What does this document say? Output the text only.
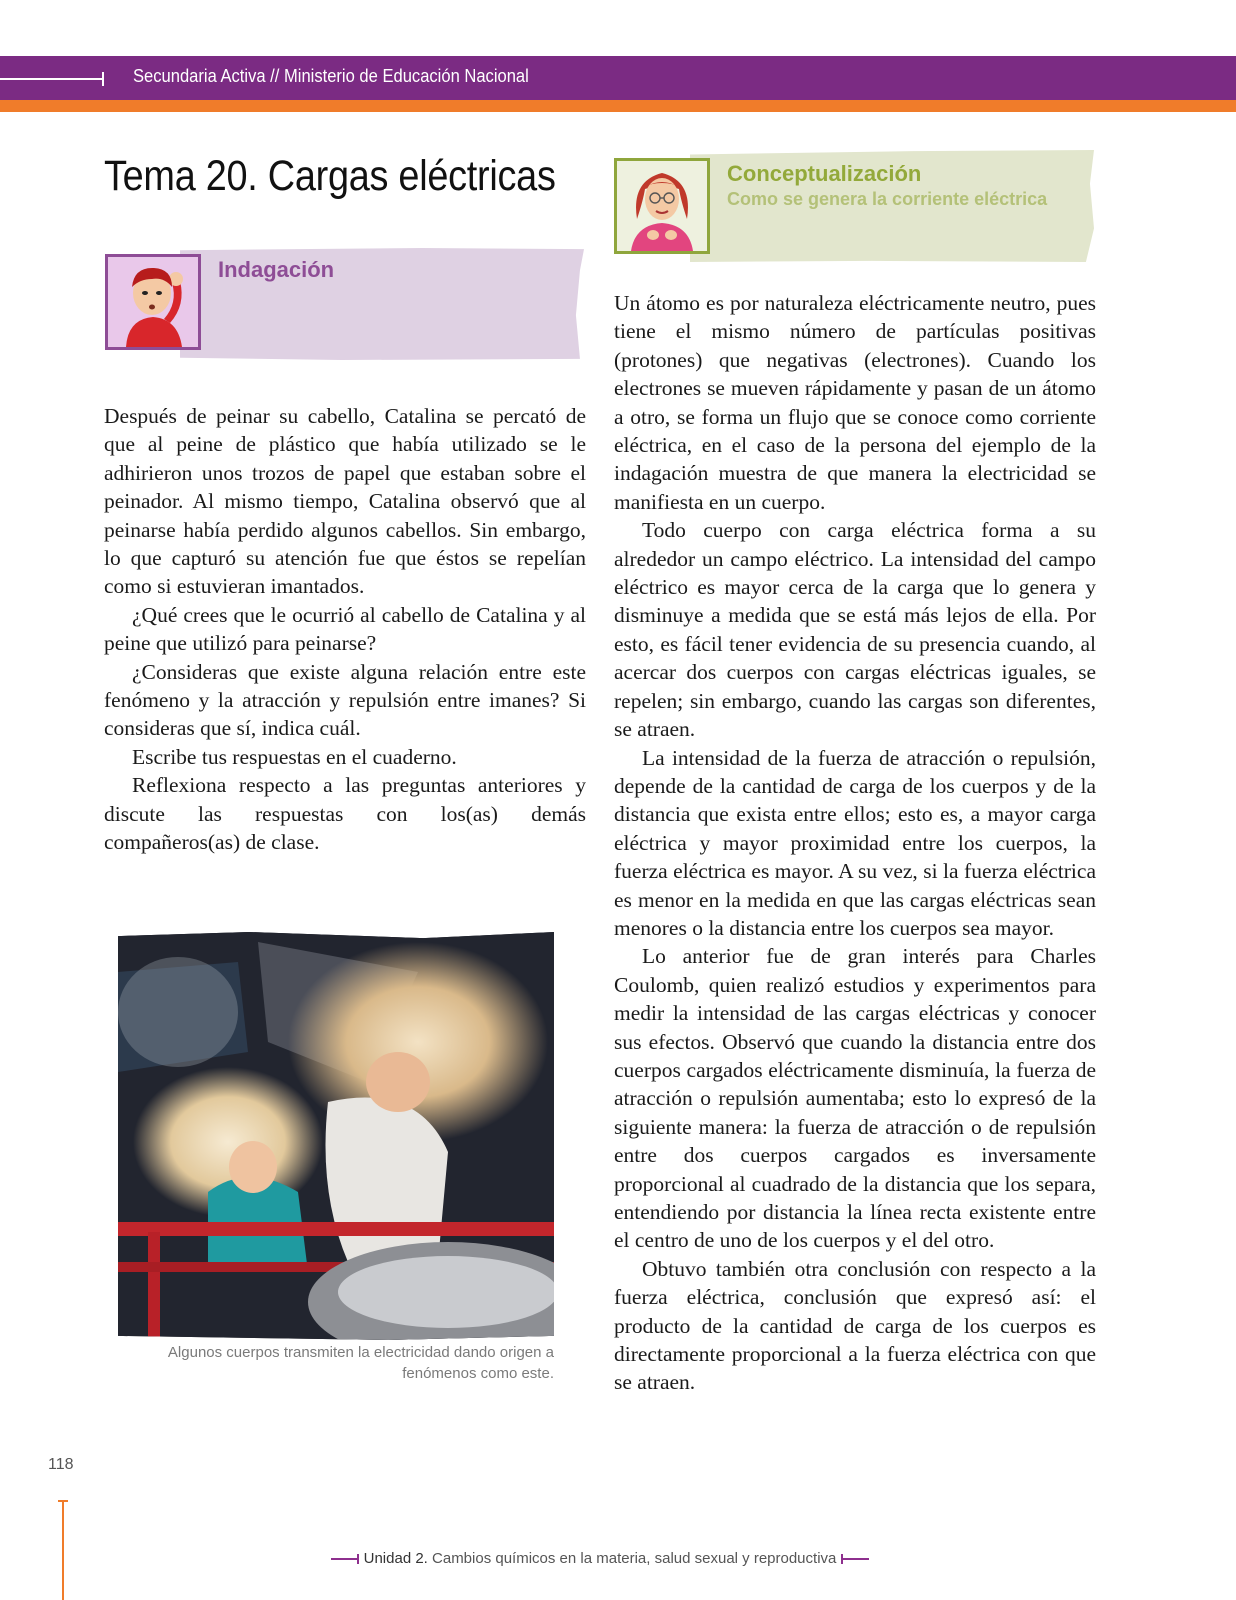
Secundaria Activa // Ministerio de Educación Nacional
Tema 20. Cargas eléctricas
Indagación
Conceptualización
Como se genera la corriente eléctrica

Después de peinar su cabello, Catalina se percató de que al peine de plástico que había utilizado se le adhirieron unos trozos de papel que estaban sobre el peinador. Al mismo tiempo, Catalina observó que al peinarse había perdido algunos cabellos. Sin embargo, lo que capturó su atención fue que éstos se repelían como si estuvieran imantados.

¿Qué crees que le ocurrió al cabello de Catalina y al peine que utilizó para peinarse?

¿Consideras que existe alguna relación entre este fenómeno y la atracción y repulsión entre imanes? Si consideras que sí, indica cuál.

Escribe tus respuestas en el cuaderno.

Reflexiona respecto a las preguntas anteriores y discute las respuestas con los(as) demás compañeros(as) de clase.

Algunos cuerpos transmiten la electricidad dando origen a fenómenos como este.

Un átomo es por naturaleza eléctricamente neutro, pues tiene el mismo número de partículas positivas (protones) que negativas (electrones). Cuando los electrones se mueven rápidamente y pasan de un átomo a otro, se forma un flujo que se conoce como corriente eléctrica, en el caso de la persona del ejemplo de la indagación muestra de que manera la electricidad se manifiesta en un cuerpo.

Todo cuerpo con carga eléctrica forma a su alrededor un campo eléctrico. La intensidad del campo eléctrico es mayor cerca de la carga que lo genera y disminuye a medida que se está más lejos de ella. Por esto, es fácil tener evidencia de su presencia cuando, al acercar dos cuerpos con cargas eléctricas iguales, se repelen; sin embargo, cuando las cargas son diferentes, se atraen.

La intensidad de la fuerza de atracción o repulsión, depende de la cantidad de carga de los cuerpos y de la distancia que exista entre ellos; esto es, a mayor carga eléctrica y mayor proximidad entre los cuerpos, la fuerza eléctrica es mayor. A su vez, si la fuerza eléctrica es menor en la medida en que las cargas eléctricas sean menores o la distancia entre los cuerpos sea mayor.

Lo anterior fue de gran interés para Charles Coulomb, quien realizó estudios y experimentos para medir la intensidad de las cargas eléctricas y conocer sus efectos. Observó que cuando la distancia entre dos cuerpos cargados eléctricamente disminuía, la fuerza de atracción o repulsión aumentaba; esto lo expresó de la siguiente manera: la fuerza de atracción o de repulsión entre dos cuerpos cargados es inversamente proporcional al cuadrado de la distancia que los separa, entendiendo por distancia la línea recta existente entre el centro de uno de los cuerpos y el del otro.

Obtuvo también otra conclusión con respecto a la fuerza eléctrica, conclusión que expresó así: el producto de la cantidad de carga de los cuerpos es directamente proporcional a la fuerza eléctrica con que se atraen.

118
Unidad 2. Cambios químicos en la materia, salud sexual y reproductiva
